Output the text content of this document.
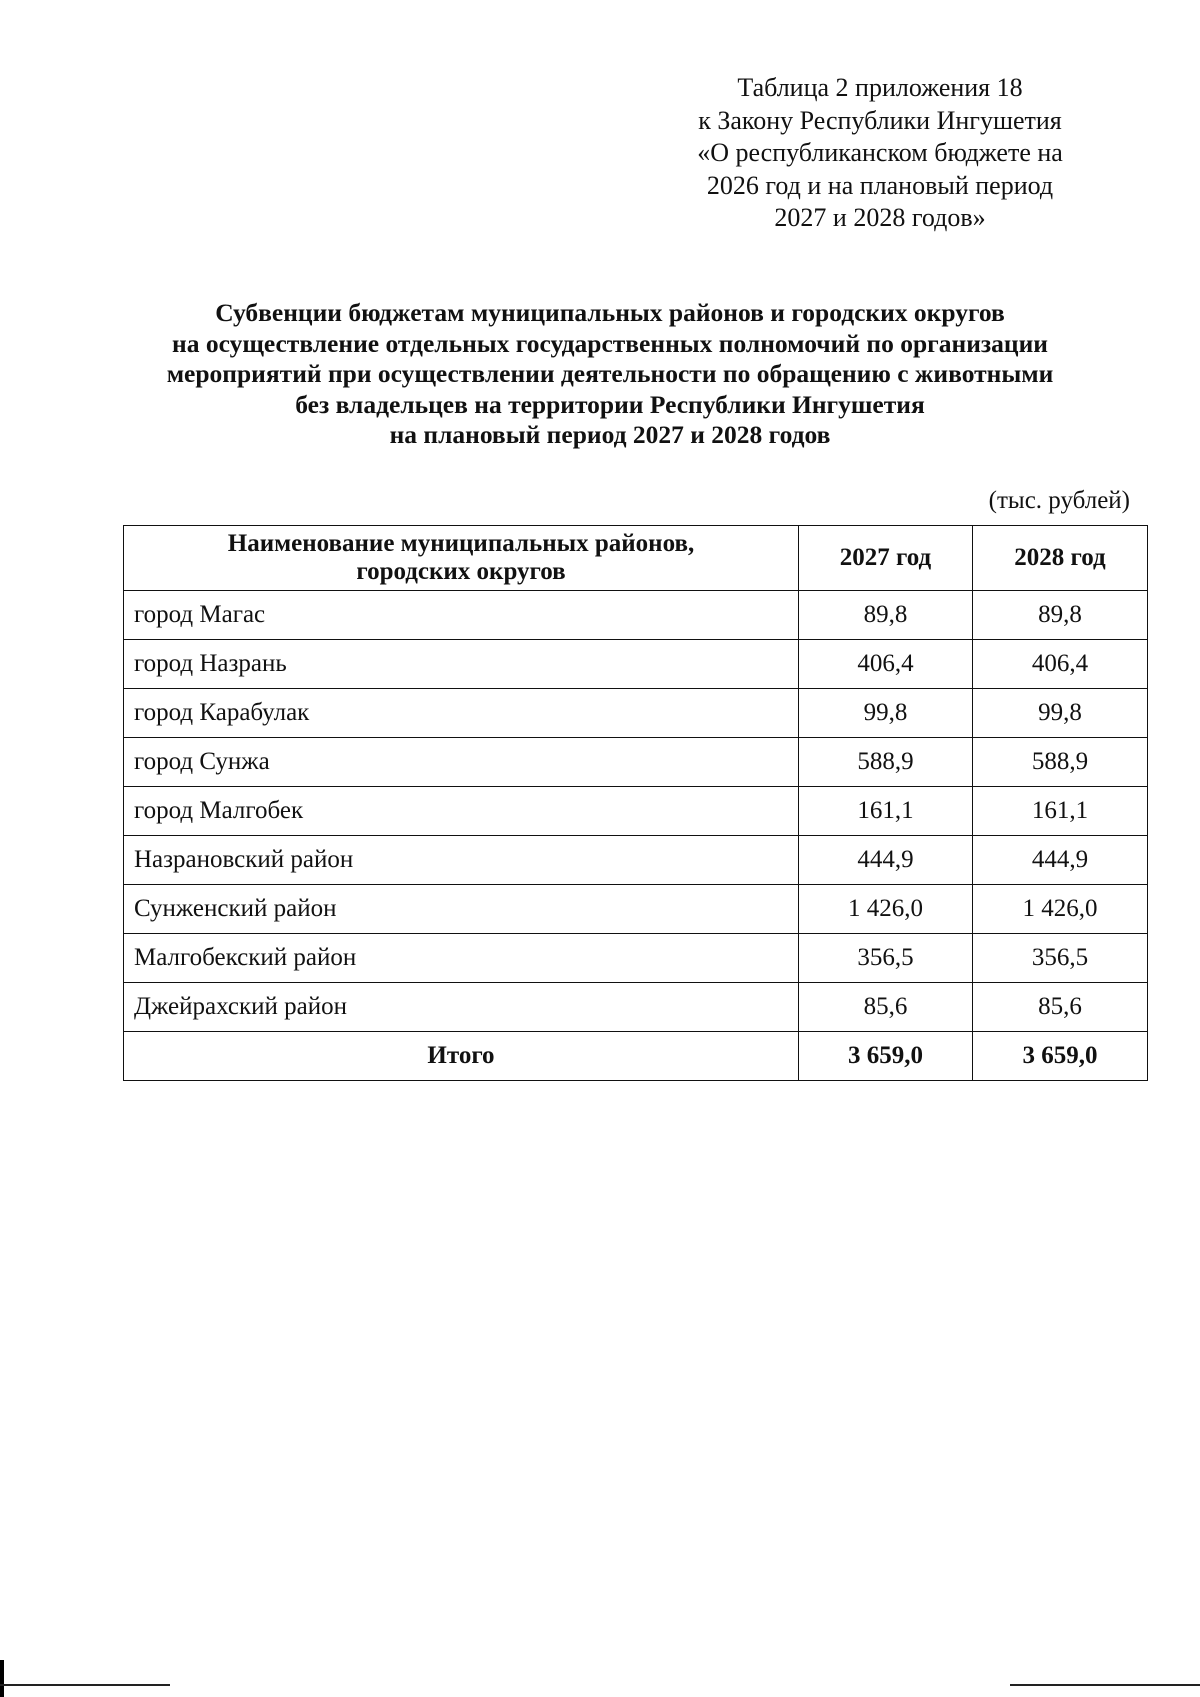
Таблица 2 приложения 18
к Закону Республики Ингушетия
«О республиканском бюджете на
2026 год и на плановый период
2027 и 2028 годов»
Субвенции бюджетам муниципальных районов и городских округов
на осуществление отдельных государственных полномочий по организации
мероприятий при осуществлении деятельности по обращению с животными
без владельцев на территории Республики Ингушетия
на плановый период 2027 и 2028 годов
(тыс. рублей)
Наименование муниципальных районов,
городских округов	2027 год	2028 год
город Магас	89,8	89,8
город Назрань	406,4	406,4
город Карабулак	99,8	99,8
город Сунжа	588,9	588,9
город Малгобек	161,1	161,1
Назрановский район	444,9	444,9
Сунженский район	1 426,0	1 426,0
Малгобекский район	356,5	356,5
Джейрахский район	85,6	85,6
Итого	3 659,0	3 659,0
